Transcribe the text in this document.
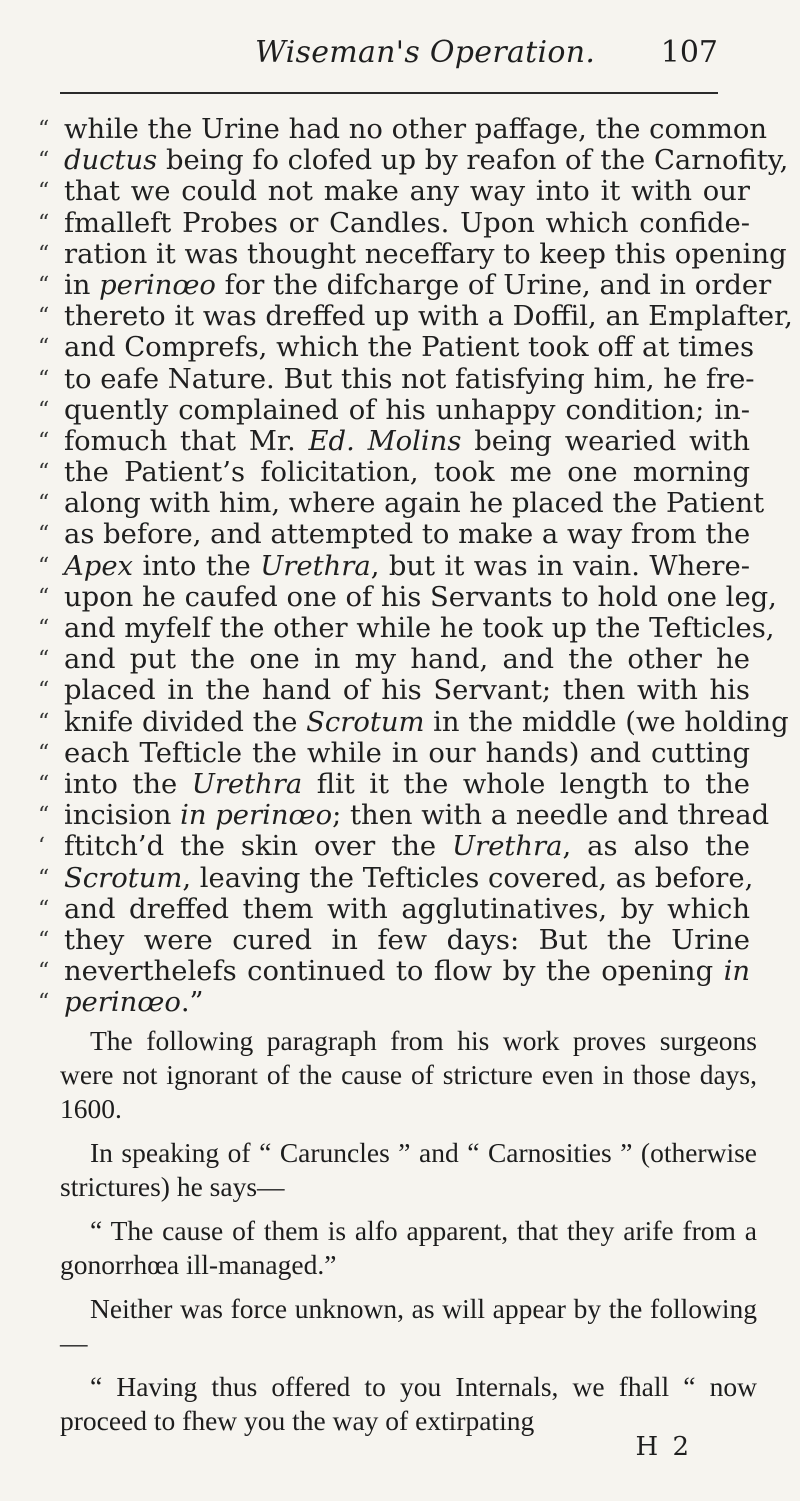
Wiseman's Operation. 107
“ while the Urine had no other paffage, the common
“ ductus being fo clofed up by reafon of the Carnofity,
“ that we could not make any way into it with our
“ fmalleft Probes or Candles. Upon which confide-
“ ration it was thought neceffary to keep this opening
“ in perinœo for the difcharge of Urine, and in order
“ thereto it was dreffed up with a Doffil, an Emplafter,
“ and Comprefs, which the Patient took off at times
“ to eafe Nature. But this not fatisfying him, he fre-
“ quently complained of his unhappy condition; in-
“ fomuch that Mr. Ed. Molins being wearied with
“ the Patient’s folicitation, took me one morning
“ along with him, where again he placed the Patient
“ as before, and attempted to make a way from the
“ Apex into the Urethra, but it was in vain. Where-
“ upon he caufed one of his Servants to hold one leg,
“ and myfelf the other while he took up the Tefticles,
“ and put the one in my hand, and the other he
“ placed in the hand of his Servant; then with his
“ knife divided the Scrotum in the middle (we holding
“ each Tefticle the while in our hands) and cutting
“ into the Urethra flit it the whole length to the
“ incision in perinœo; then with a needle and thread
‘ ftitch’d the skin over the Urethra, as also the
“ Scrotum, leaving the Tefticles covered, as before,
“ and dreffed them with agglutinatives, by which
“ they were cured in few days: But the Urine
“ neverthelefs continued to flow by the opening in
“ perinœo.”

The following paragraph from his work proves surgeons were not ignorant of the cause of stricture even in those days, 1600.

In speaking of “ Caruncles ” and “ Carnosities ” (otherwise strictures) he says—

“ The cause of them is alfo apparent, that they arife from a gonorrhœa ill-managed.”

Neither was force unknown, as will appear by the following—

“ Having thus offered to you Internals, we fhall “ now proceed to fhew you the way of extirpating

H 2
